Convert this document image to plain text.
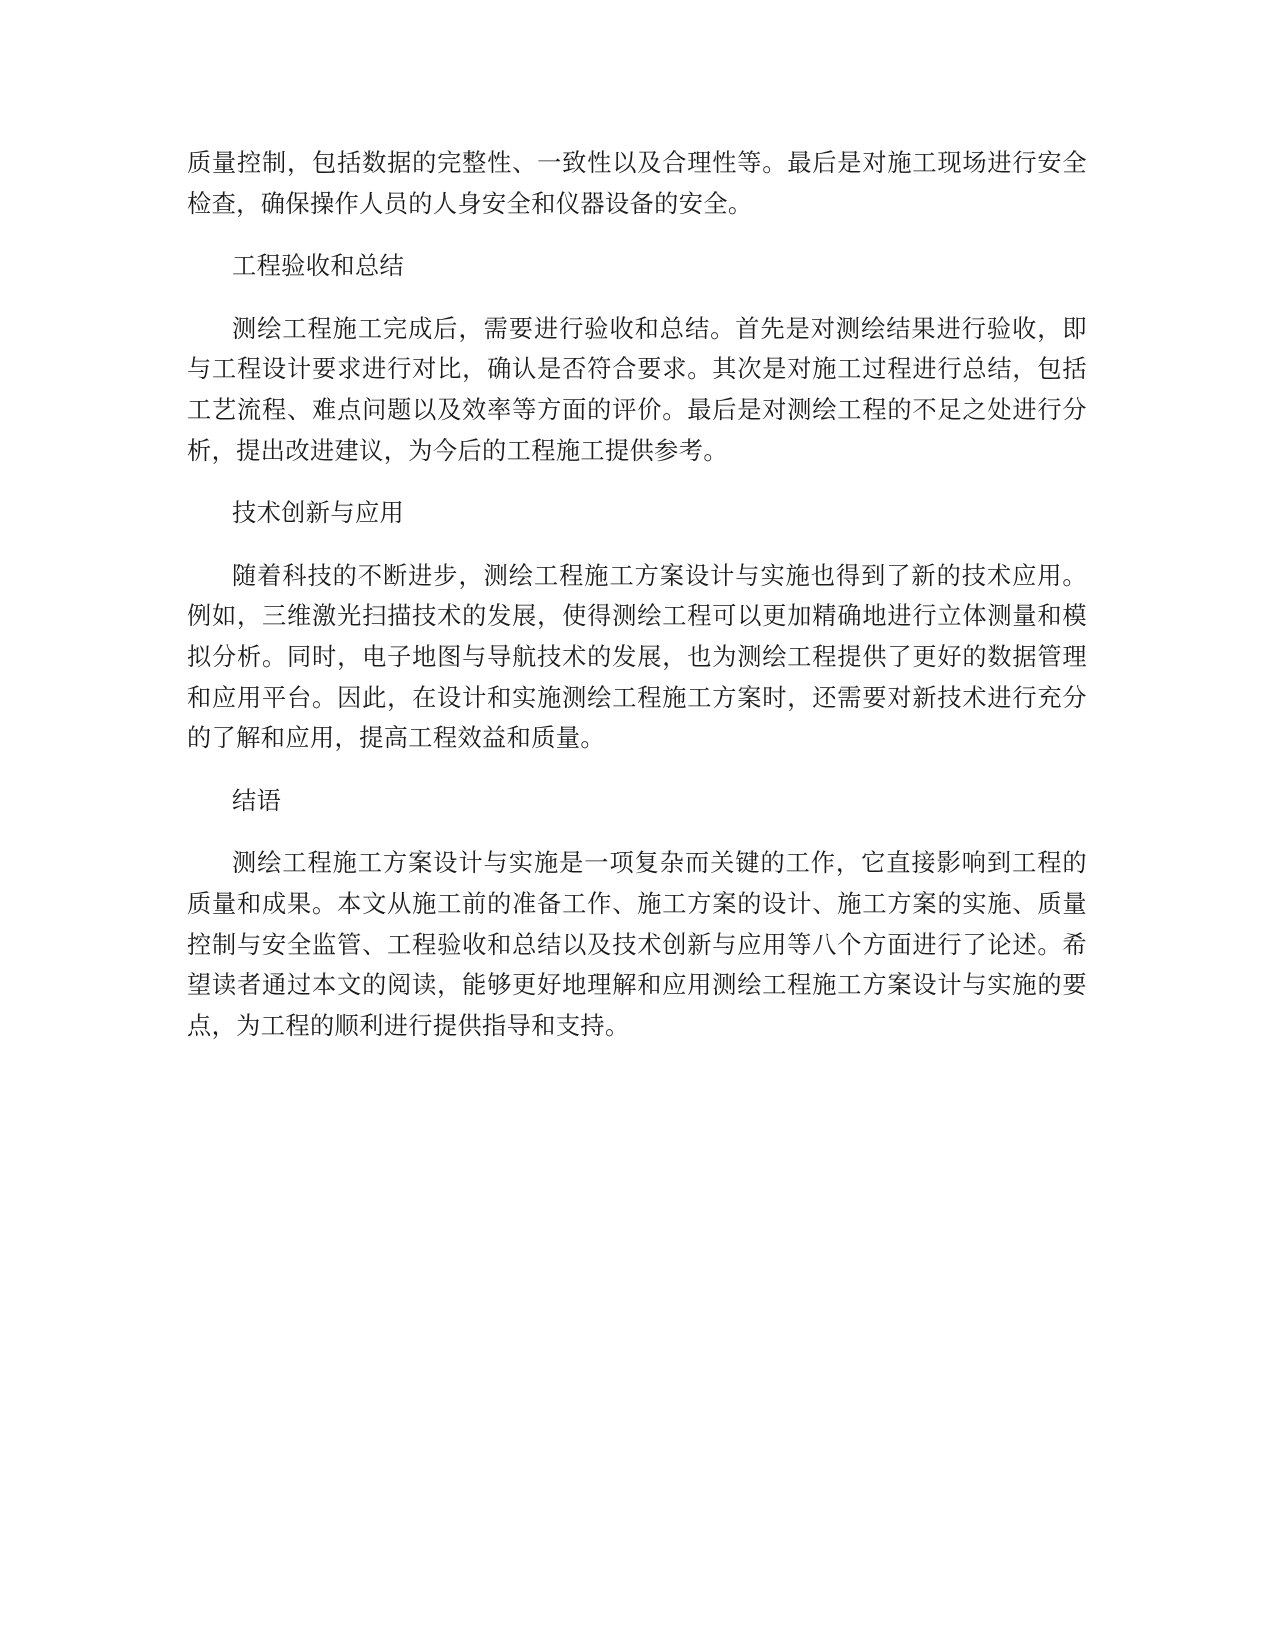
质量控制，包括数据的完整性、一致性以及合理性等。最后是对施工现场进行安全检查，确保操作人员的人身安全和仪器设备的安全。

工程验收和总结

测绘工程施工完成后，需要进行验收和总结。首先是对测绘结果进行验收，即与工程设计要求进行对比，确认是否符合要求。其次是对施工过程进行总结，包括工艺流程、难点问题以及效率等方面的评价。最后是对测绘工程的不足之处进行分析，提出改进建议，为今后的工程施工提供参考。

技术创新与应用

随着科技的不断进步，测绘工程施工方案设计与实施也得到了新的技术应用。例如，三维激光扫描技术的发展，使得测绘工程可以更加精确地进行立体测量和模拟分析。同时，电子地图与导航技术的发展，也为测绘工程提供了更好的数据管理和应用平台。因此，在设计和实施测绘工程施工方案时，还需要对新技术进行充分的了解和应用，提高工程效益和质量。

结语

测绘工程施工方案设计与实施是一项复杂而关键的工作，它直接影响到工程的质量和成果。本文从施工前的准备工作、施工方案的设计、施工方案的实施、质量控制与安全监管、工程验收和总结以及技术创新与应用等八个方面进行了论述。希望读者通过本文的阅读，能够更好地理解和应用测绘工程施工方案设计与实施的要点，为工程的顺利进行提供指导和支持。
